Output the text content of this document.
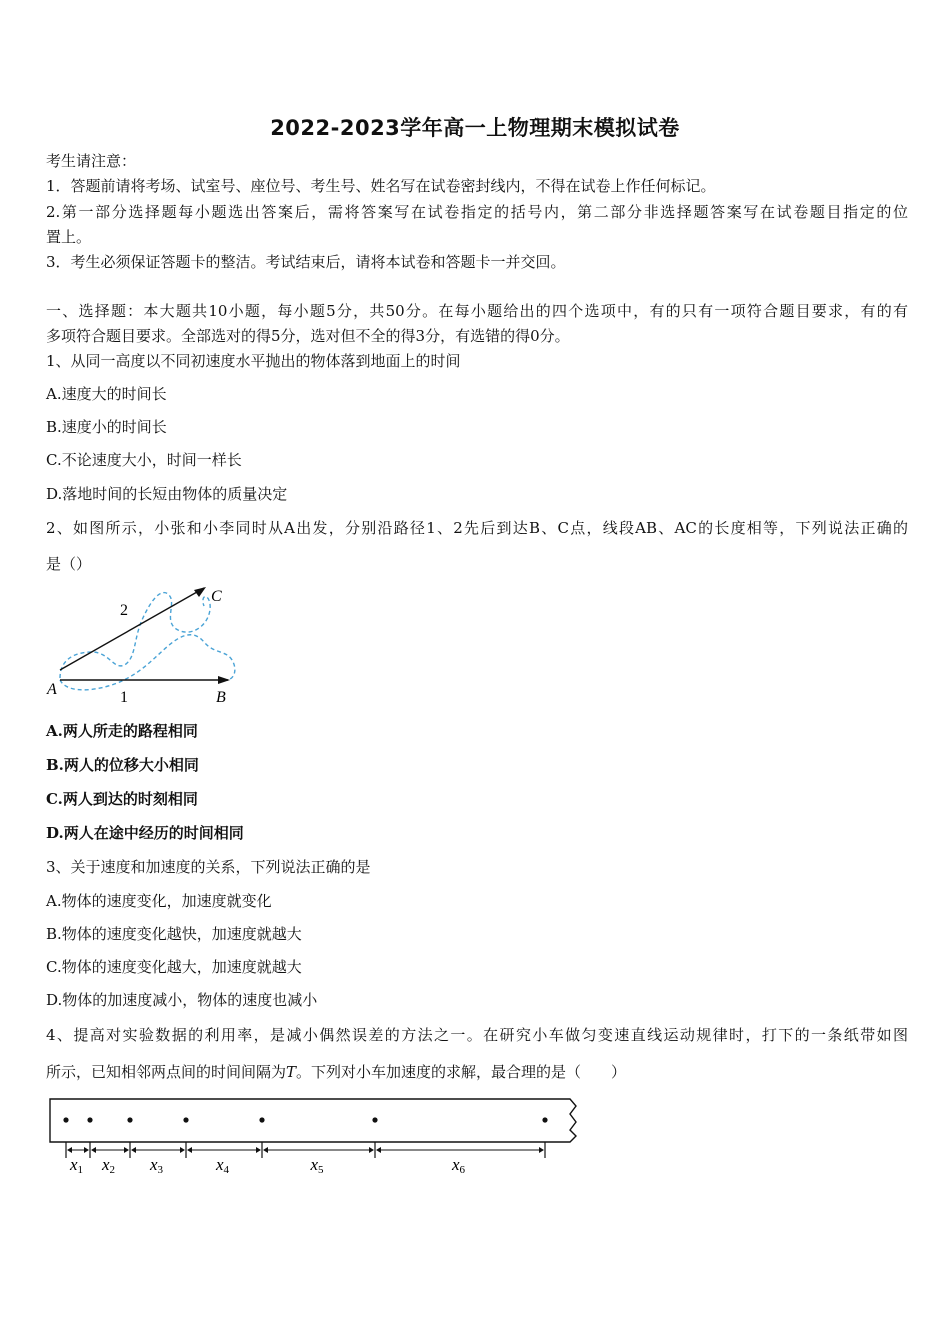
2022-2023学年高一上物理期末模拟试卷
考生请注意：
1．答题前请将考场、试室号、座位号、考生号、姓名写在试卷密封线内，不得在试卷上作任何标记。
2.第一部分选择题每小题选出答案后，需将答案写在试卷指定的括号内，第二部分非选择题答案写在试卷题目指定的位
置上。
3．考生必须保证答题卡的整洁。考试结束后，请将本试卷和答题卡一并交回。
一、选择题：本大题共10小题，每小题5分，共50分。在每小题给出的四个选项中，有的只有一项符合题目要求，有的有
多项符合题目要求。全部选对的得5分，选对但不全的得3分，有选错的得0分。
1、从同一高度以不同初速度水平抛出的物体落到地面上的时间
A.速度大的时间长
B.速度小的时间长
C.不论速度大小，时间一样长
D.落地时间的长短由物体的质量决定
2、如图所示，小张和小李同时从A出发，分别沿路径1、2先后到达B、C点，线段AB、AC的长度相等，下列说法正确的
是（）
A	B
C
1
2
A.两人所走的路程相同
B.两人的位移大小相同
C.两人到达的时刻相同
D.两人在途中经历的时间相同
3、关于速度和加速度的关系，下列说法正确的是
A.物体的速度变化，加速度就变化
B.物体的速度变化越快，加速度就越大
C.物体的速度变化越大，加速度就越大
D.物体的加速度减小，物体的速度也减小
4、提高对实验数据的利用率，是减小偶然误差的方法之一。在研究小车做匀变速直线运动规律时，打下的一条纸带如图
所示，已知相邻两点间的时间间隔为T。下列对小车加速度的求解，最合理的是（　　）
x1 x2 x3	x4	x5	x6
